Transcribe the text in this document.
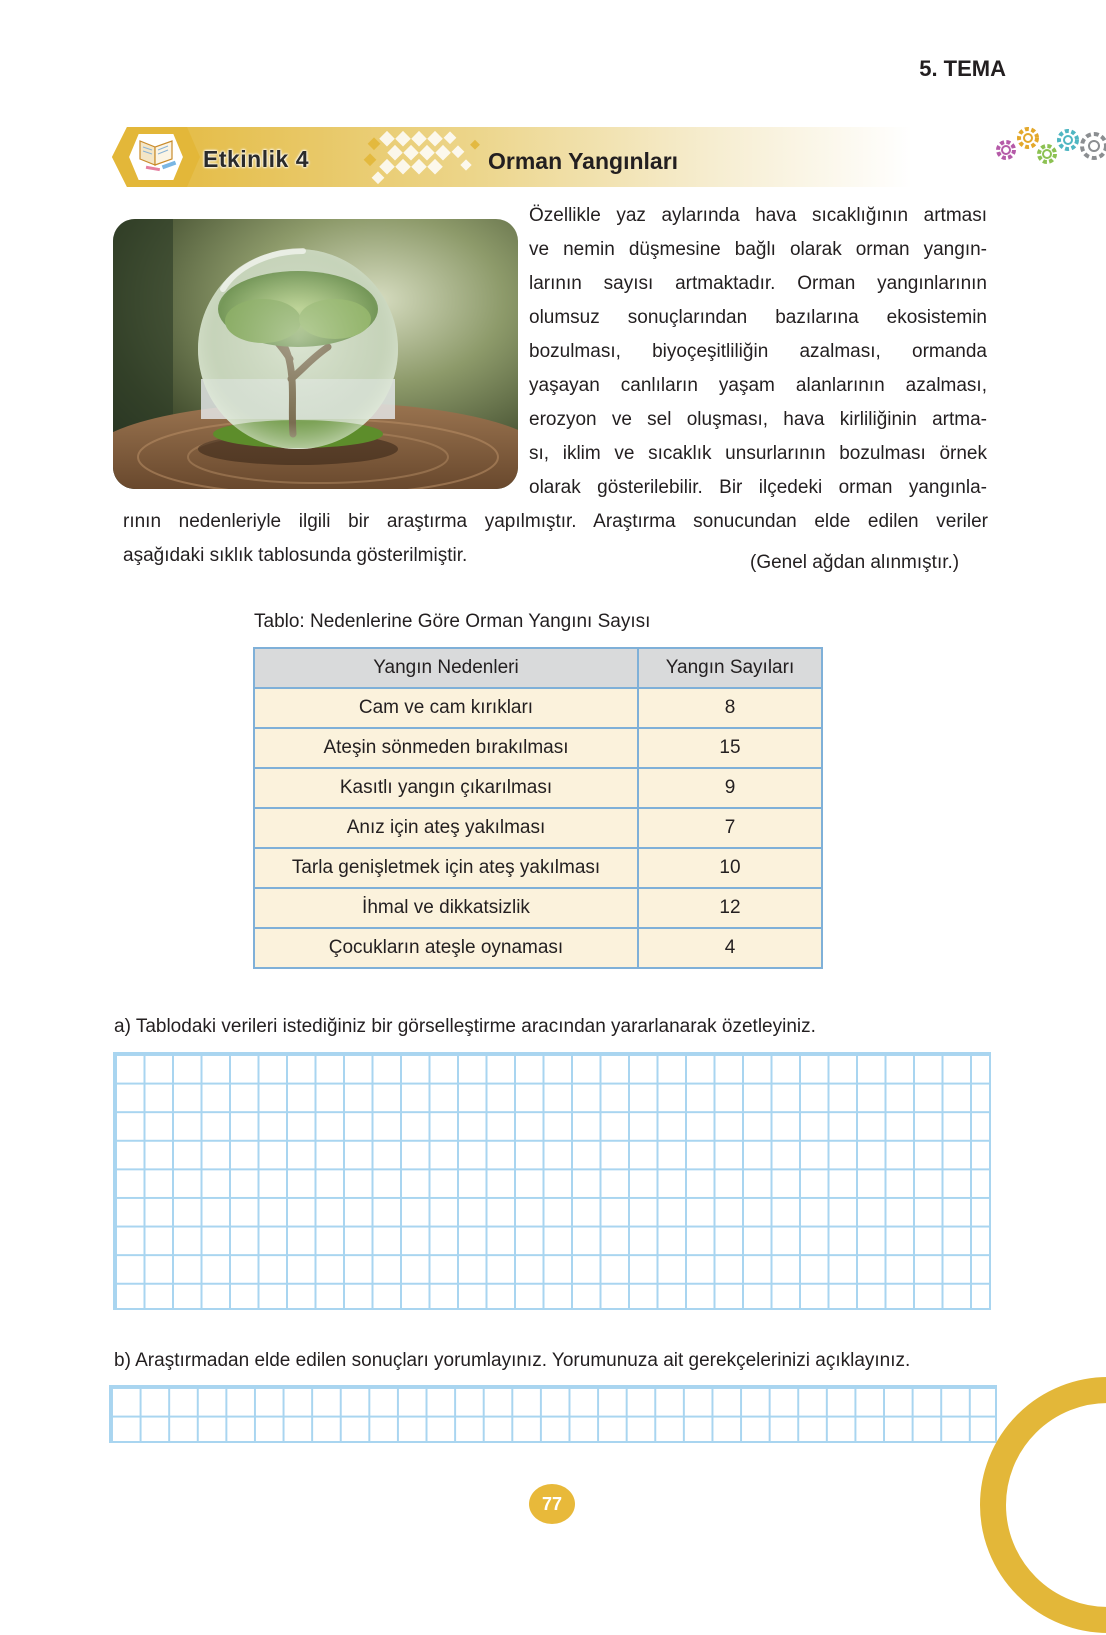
5. TEMA
Etkinlik 4	Orman Yangınları
Özellikle yaz aylarında hava sıcaklığının artması
ve nemin düşmesine bağlı olarak orman yangın-
larının sayısı artmaktadır. Orman yangınlarının
olumsuz sonuçlarından bazılarına ekosistemin
bozulması, biyoçeşitliliğin azalması, ormanda
yaşayan canlıların yaşam alanlarının azalması,
erozyon ve sel oluşması, hava kirliliğinin artma-
sı, iklim ve sıcaklık unsurlarının bozulması örnek
olarak gösterilebilir. Bir ilçedeki orman yangınla-
rının nedenleriyle ilgili bir araştırma yapılmıştır. Araştırma sonucundan elde edilen veriler
aşağıdaki sıklık tablosunda gösterilmiştir.	(Genel ağdan alınmıştır.)
Tablo: Nedenlerine Göre Orman Yangını Sayısı
Yangın Nedenleri	Yangın Sayıları
Cam ve cam kırıkları	8
Ateşin sönmeden bırakılması	15
Kasıtlı yangın çıkarılması	9
Anız için ateş yakılması	7
Tarla genişletmek için ateş yakılması	10
İhmal ve dikkatsizlik	12
Çocukların ateşle oynaması	4
a) Tablodaki verileri istediğiniz bir görselleştirme aracından yararlanarak özetleyiniz.
b) Araştırmadan elde edilen sonuçları yorumlayınız. Yorumunuza ait gerekçelerinizi açıklayınız.
77
